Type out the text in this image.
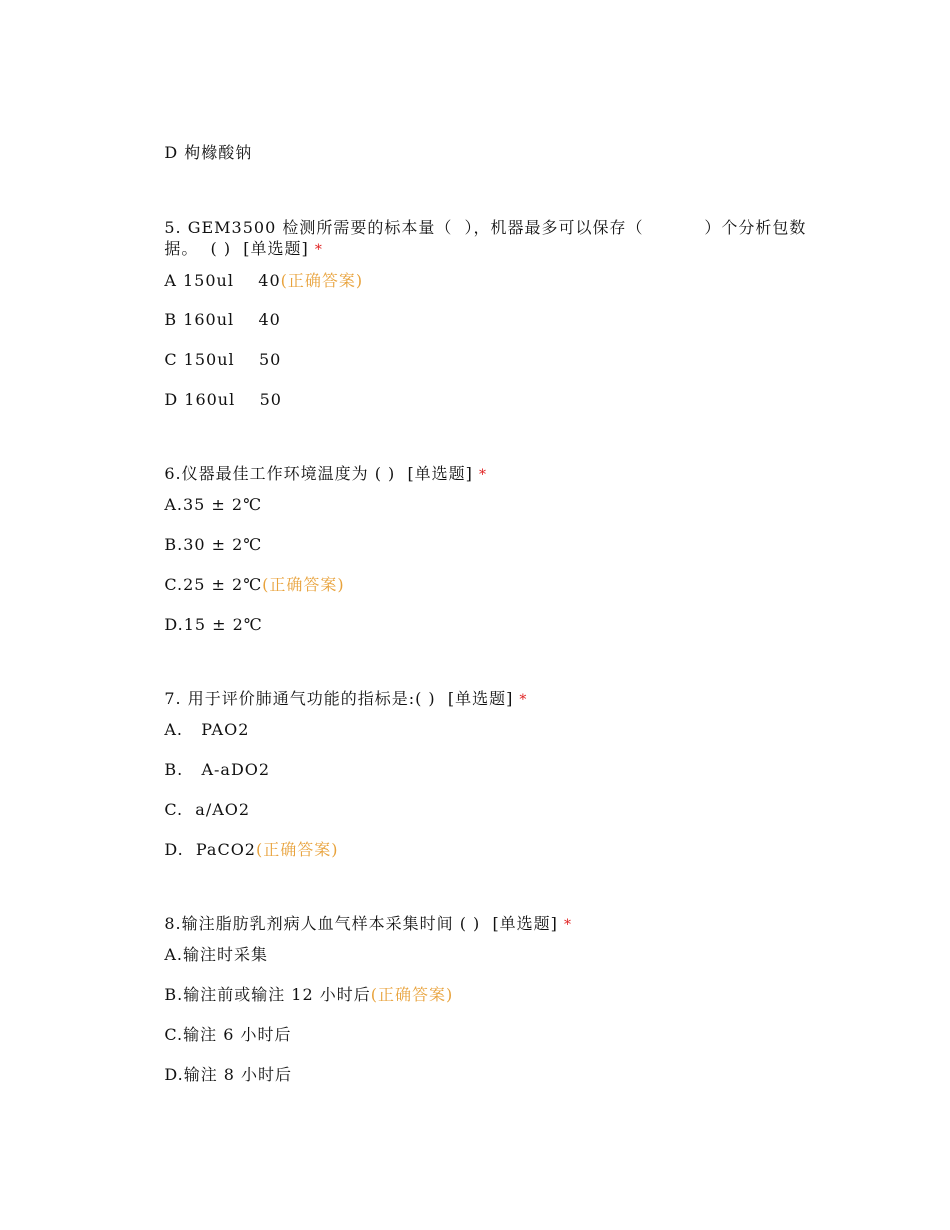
D 枸橼酸钠

5. GEM3500 检测所需要的标本量（  ），机器最多可以保存（          ）个分析包数

据。  ( )  [单选题] *

A 150ul    40(正确答案)

B 160ul    40

C 150ul    50

D 160ul    50

6.仪器最佳工作环境温度为 ( )  [单选题] *

A.35 ± 2℃

B.30 ± 2℃

C.25 ± 2℃(正确答案)

D.15 ± 2℃

7. 用于评价肺通气功能的指标是:( )  [单选题] *

A.   PAO2

B.   A-aDO2

C.  a/AO2

D.  PaCO2(正确答案)

8.输注脂肪乳剂病人血气样本采集时间 ( )  [单选题] *

A.输注时采集

B.输注前或输注 12 小时后(正确答案)

C.输注 6 小时后

D.输注 8 小时后
